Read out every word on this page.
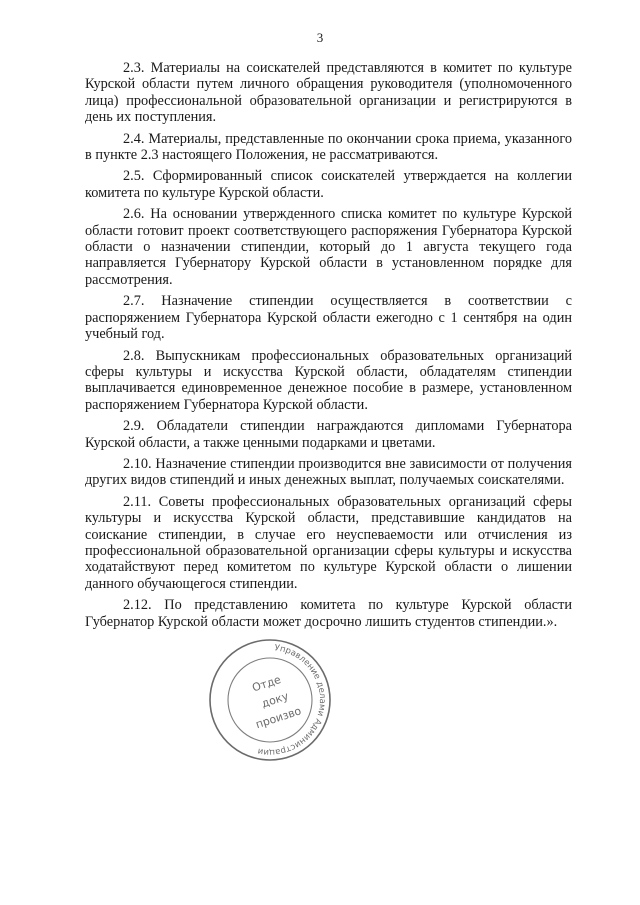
3

2.3. Материалы на соискателей представляются в комитет по культуре Курской области путем личного обращения руководителя (уполномоченного лица) профессиональной образовательной организации и регистрируются в день их поступления.

2.4. Материалы, представленные по окончании срока приема, указанного в пункте 2.3 настоящего Положения, не рассматриваются.

2.5. Сформированный список соискателей утверждается на коллегии комитета по культуре Курской области.

2.6. На основании утвержденного списка комитет по культуре Курской области готовит проект соответствующего распоряжения Губернатора Курской области о назначении стипендии, который до 1 августа текущего года направляется Губернатору Курской области в установленном порядке для рассмотрения.

2.7. Назначение стипендии осуществляется в соответствии с распоряжением Губернатора Курской области ежегодно с 1 сентября на один учебный год.

2.8. Выпускникам профессиональных образовательных организаций сферы культуры и искусства Курской области, обладателям стипендии выплачивается единовременное денежное пособие в размере, установленном распоряжением Губернатора Курской области.

2.9. Обладатели стипендии награждаются дипломами Губернатора Курской области, а также ценными подарками и цветами.

2.10. Назначение стипендии производится вне зависимости от получения других видов стипендий и иных денежных выплат, получаемых соискателями.

2.11. Советы профессиональных образовательных организаций сферы культуры и искусства Курской области, представившие кандидатов на соискание стипендии, в случае его неуспеваемости или отчисления из профессиональной образовательной организации сферы культуры и искусства ходатайствуют перед комитетом по культуре Курской области о лишении данного обучающегося стипендии.

2.12. По представлению комитета по культуре Курской области Губернатор Курской области может досрочно лишить студентов стипендии.».

Управление делами Администрации
Отде
доку
произво
